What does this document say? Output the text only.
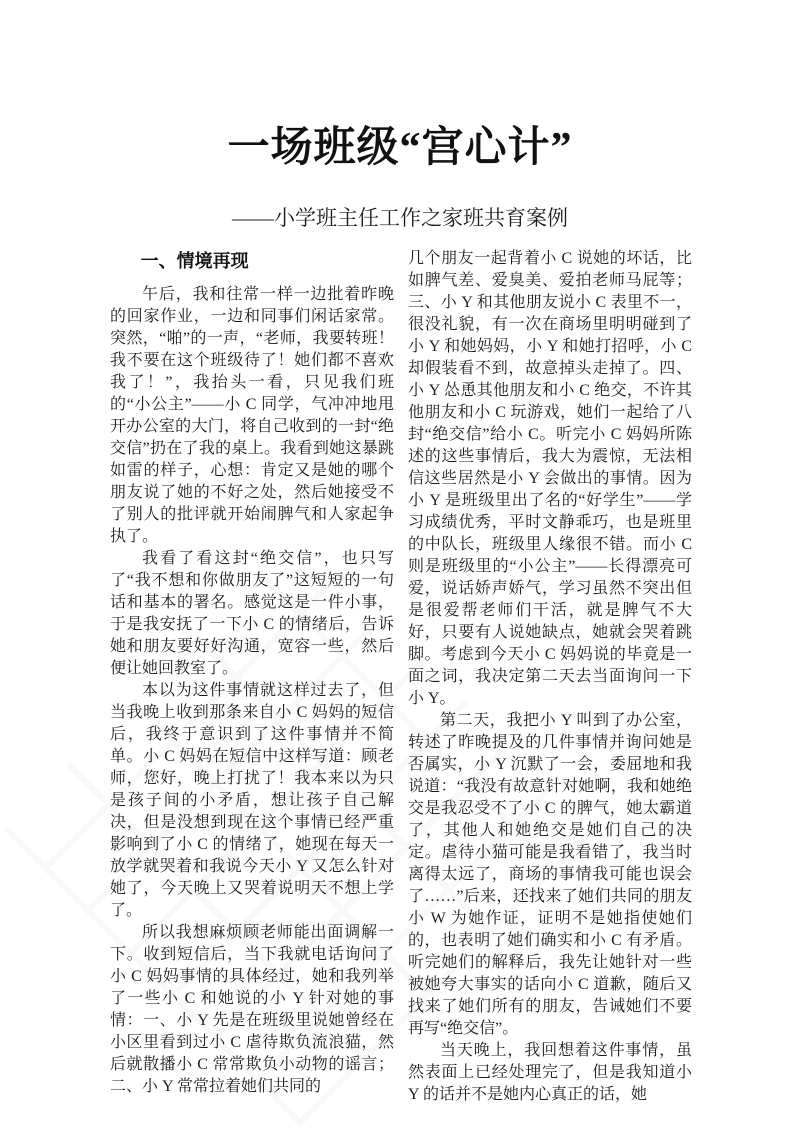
一场班级“宫心计”
——小学班主任工作之家班共育案例
一、情境再现

午后，我和往常一样一边批着昨晚的回家作业，一边和同事们闲话家常。突然，“啪”的一声，“老师，我要转班！我不要在这个班级待了！她们都不喜欢我了！”，我抬头一看，只见我们班的“小公主”——小 C 同学，气冲冲地甩开办公室的大门，将自己收到的一封“绝交信”扔在了我的桌上。我看到她这暴跳如雷的样子，心想：肯定又是她的哪个朋友说了她的不好之处，然后她接受不了别人的批评就开始闹脾气和人家起争执了。

我看了看这封“绝交信”，也只写了“我不想和你做朋友了”这短短的一句话和基本的署名。感觉这是一件小事，于是我安抚了一下小 C 的情绪后，告诉她和朋友要好好沟通，宽容一些，然后便让她回教室了。

本以为这件事情就这样过去了，但当我晚上收到那条来自小 C 妈妈的短信后，我终于意识到了这件事情并不简单。小 C 妈妈在短信中这样写道：顾老师，您好，晚上打扰了！我本来以为只是孩子间的小矛盾，想让孩子自己解决，但是没想到现在这个事情已经严重影响到了小 C 的情绪了，她现在每天一放学就哭着和我说今天小 Y 又怎么针对她了，今天晚上又哭着说明天不想上学了。

所以我想麻烦顾老师能出面调解一下。收到短信后，当下我就电话询问了小 C 妈妈事情的具体经过，她和我列举了一些小 C 和她说的小 Y 针对她的事情：一、小 Y 先是在班级里说她曾经在小区里看到过小 C 虐待欺负流浪猫，然后就散播小 C 常常欺负小动物的谣言；二、小 Y 常常拉着她们共同的

几个朋友一起背着小 C 说她的坏话，比如脾气差、爱臭美、爱拍老师马屁等；三、小 Y 和其他朋友说小 C 表里不一，很没礼貌，有一次在商场里明明碰到了小 Y 和她妈妈，小 Y 和她打招呼，小 C 却假装看不到，故意掉头走掉了。四、小 Y 怂恿其他朋友和小 C 绝交，不许其他朋友和小 C 玩游戏，她们一起给了八封“绝交信”给小 C。听完小 C 妈妈所陈述的这些事情后，我大为震惊，无法相信这些居然是小 Y 会做出的事情。因为小 Y 是班级里出了名的“好学生”——学习成绩优秀，平时文静乖巧，也是班里的中队长，班级里人缘很不错。而小 C 则是班级里的“小公主”——长得漂亮可爱，说话娇声娇气，学习虽然不突出但是很爱帮老师们干活，就是脾气不大好，只要有人说她缺点，她就会哭着跳脚。考虑到今天小 C 妈妈说的毕竟是一面之词，我决定第二天去当面询问一下小 Y。

第二天，我把小 Y 叫到了办公室，转述了昨晚提及的几件事情并询问她是否属实，小 Y 沉默了一会，委屈地和我说道：“我没有故意针对她啊，我和她绝交是我忍受不了小 C 的脾气，她太霸道了，其他人和她绝交是她们自己的决定。虐待小猫可能是我看错了，我当时离得太远了，商场的事情我可能也误会了……”后来，还找来了她们共同的朋友小 W 为她作证，证明不是她指使她们的，也表明了她们确实和小 C 有矛盾。听完她们的解释后，我先让她针对一些被她夸大事实的话向小 C 道歉，随后又找来了她们所有的朋友，告诫她们不要再写“绝交信”。

当天晚上，我回想着这件事情，虽然表面上已经处理完了，但是我知道小 Y 的话并不是她内心真正的话，她
